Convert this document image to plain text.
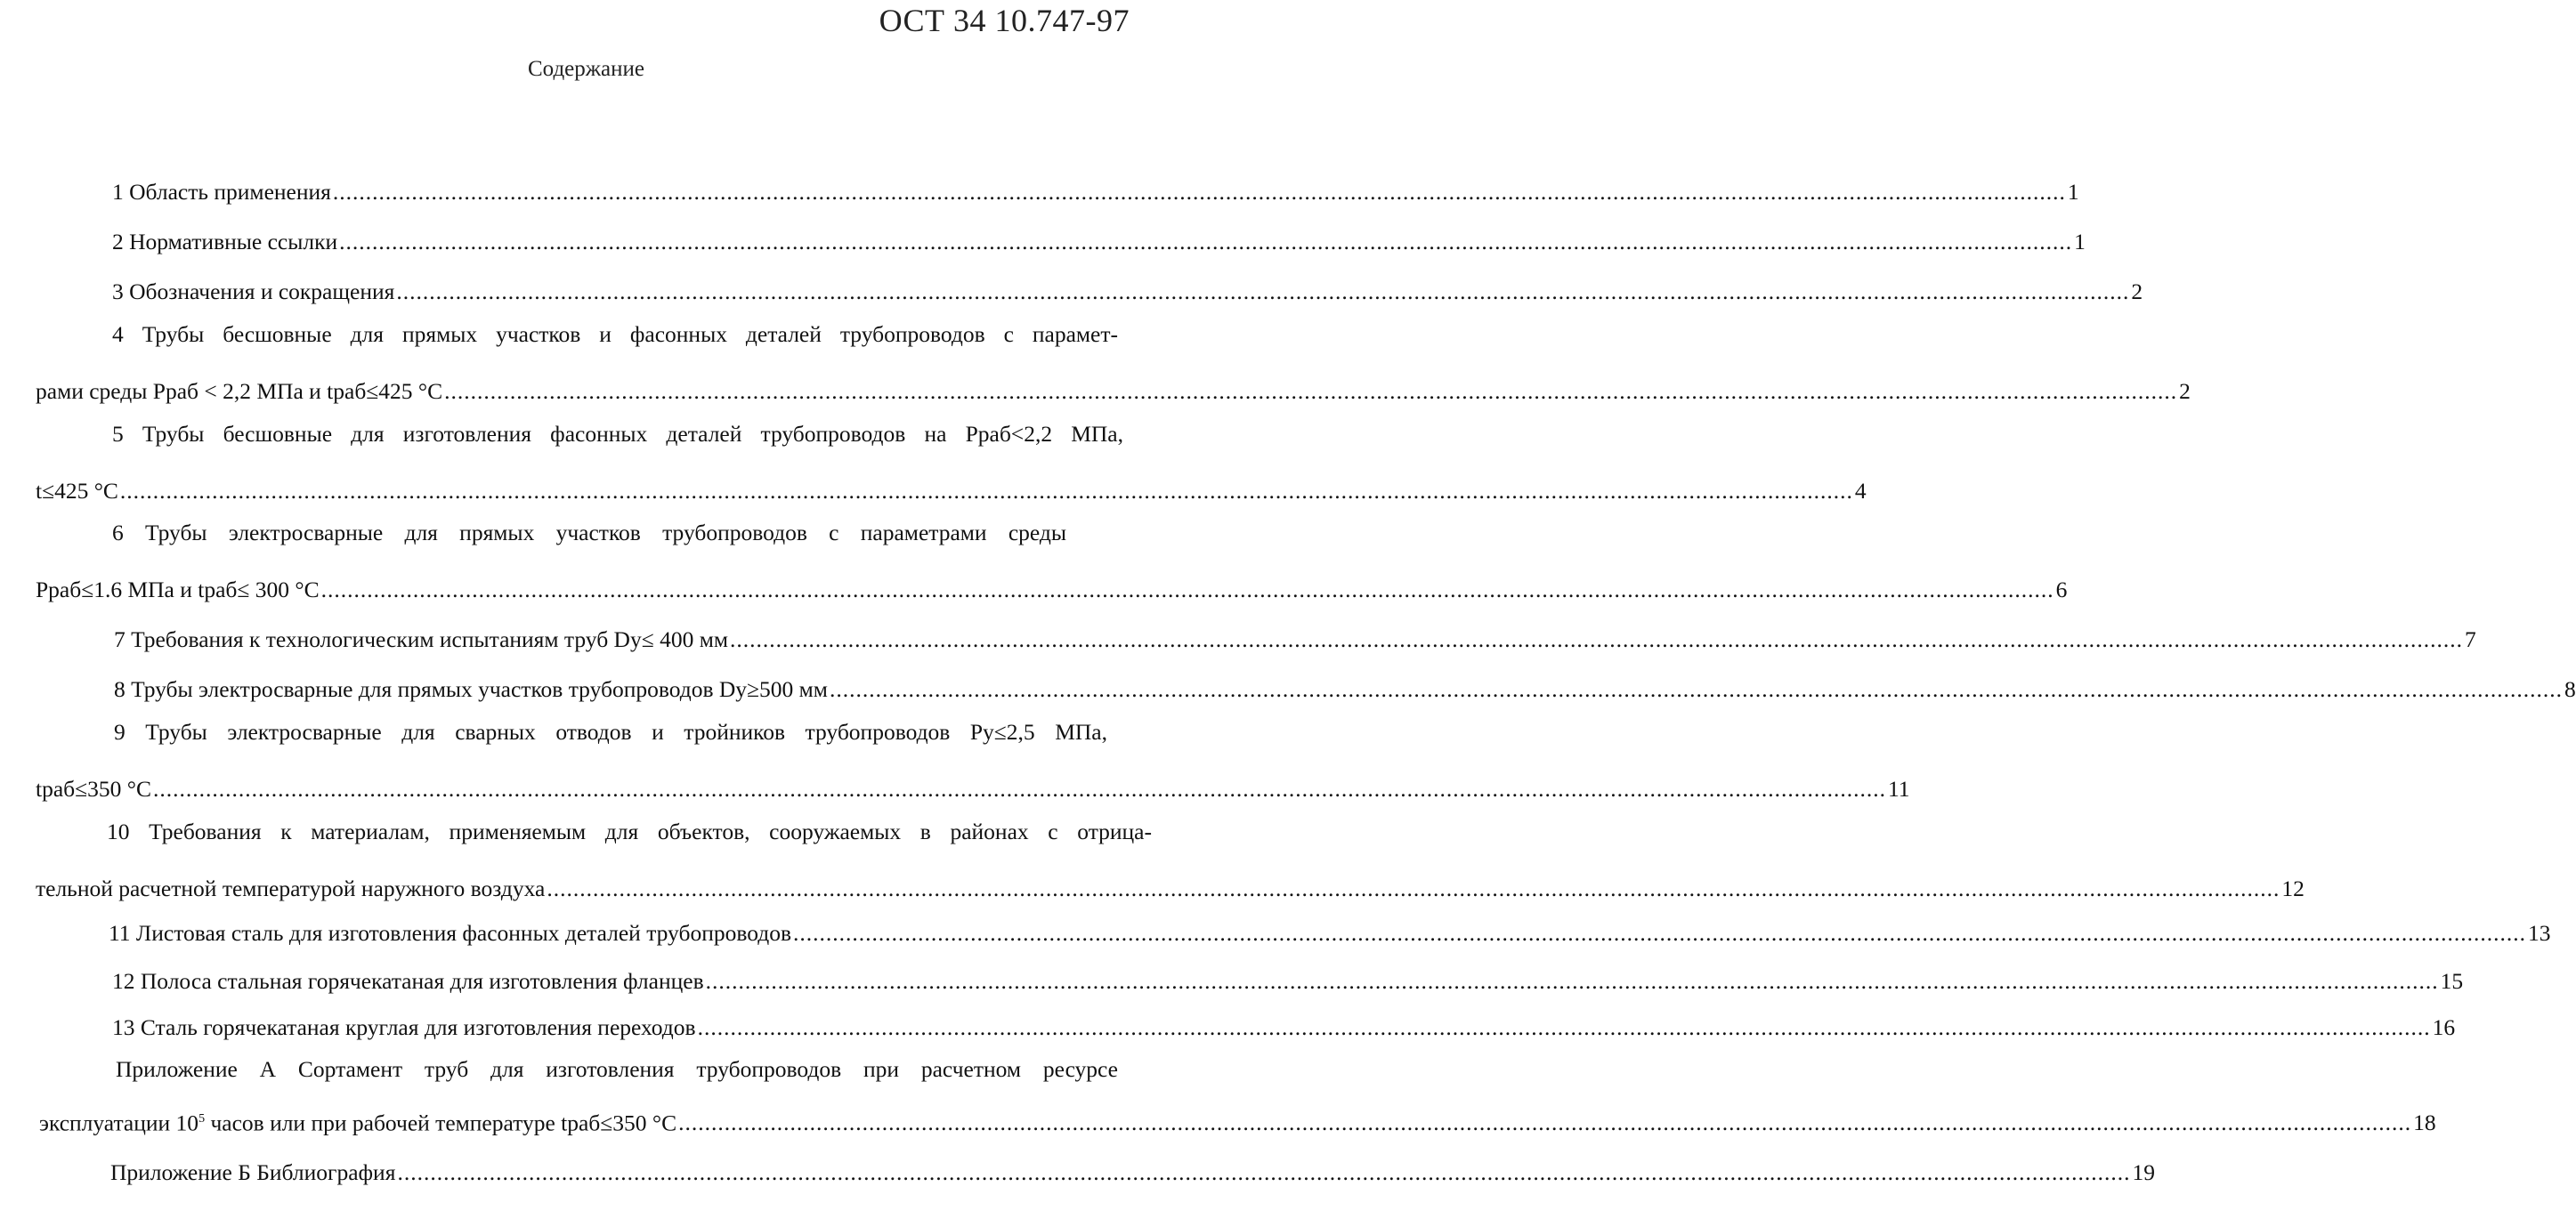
ОСТ 34 10.747-97
Содержание
1 Область применения ........................................................................................................................................................................................................................................................................ 1
2 Нормативные ссылки ........................................................................................................................................................................................................................................................................ 1
3 Обозначения и сокращения ........................................................................................................................................................................................................................................................................ 2
4 Трубы бесшовные для прямых участков и фасонных деталей трубопроводов с парамет-
рами среды Рраб < 2,2 МПа и tраб≤425 °С ........................................................................................................................................................................................................................................................................ 2
5 Трубы бесшовные для изготовления фасонных деталей трубопроводов на Рраб<2,2 МПа,
t≤425 °С ........................................................................................................................................................................................................................................................................ 4
6 Трубы электросварные для прямых участков трубопроводов с параметрами среды
Рраб≤1.6 МПа и tраб≤ 300 °С ........................................................................................................................................................................................................................................................................ 6
7 Требования к технологическим испытаниям труб Dy≤ 400 мм ........................................................................................................................................................................................................................................................................ 7
8 Трубы электросварные для прямых участков трубопроводов Dy≥500 мм ........................................................................................................................................................................................................................................................................ 8
9 Трубы электросварные для сварных отводов и тройников трубопроводов Py≤2,5 МПа,
tраб≤350 °С ........................................................................................................................................................................................................................................................................ 11
10 Требования к материалам, применяемым для объектов, сооружаемых в районах с отрица-
тельной расчетной температурой наружного воздуха ........................................................................................................................................................................................................................................................................ 12
11 Листовая сталь для изготовления фасонных деталей трубопроводов ........................................................................................................................................................................................................................................................................ 13
12 Полоса стальная горячекатаная для изготовления фланцев ........................................................................................................................................................................................................................................................................ 15
13 Сталь горячекатаная круглая для изготовления переходов ........................................................................................................................................................................................................................................................................ 16
Приложение А Сортамент труб для изготовления трубопроводов при расчетном ресурсе
эксплуатации $10^5$ часов или при рабочей температуре tраб≤350 °С ........................................................................................................................................................................................................................................................................ 18
Приложение Б Библиография ........................................................................................................................................................................................................................................................................ 19
